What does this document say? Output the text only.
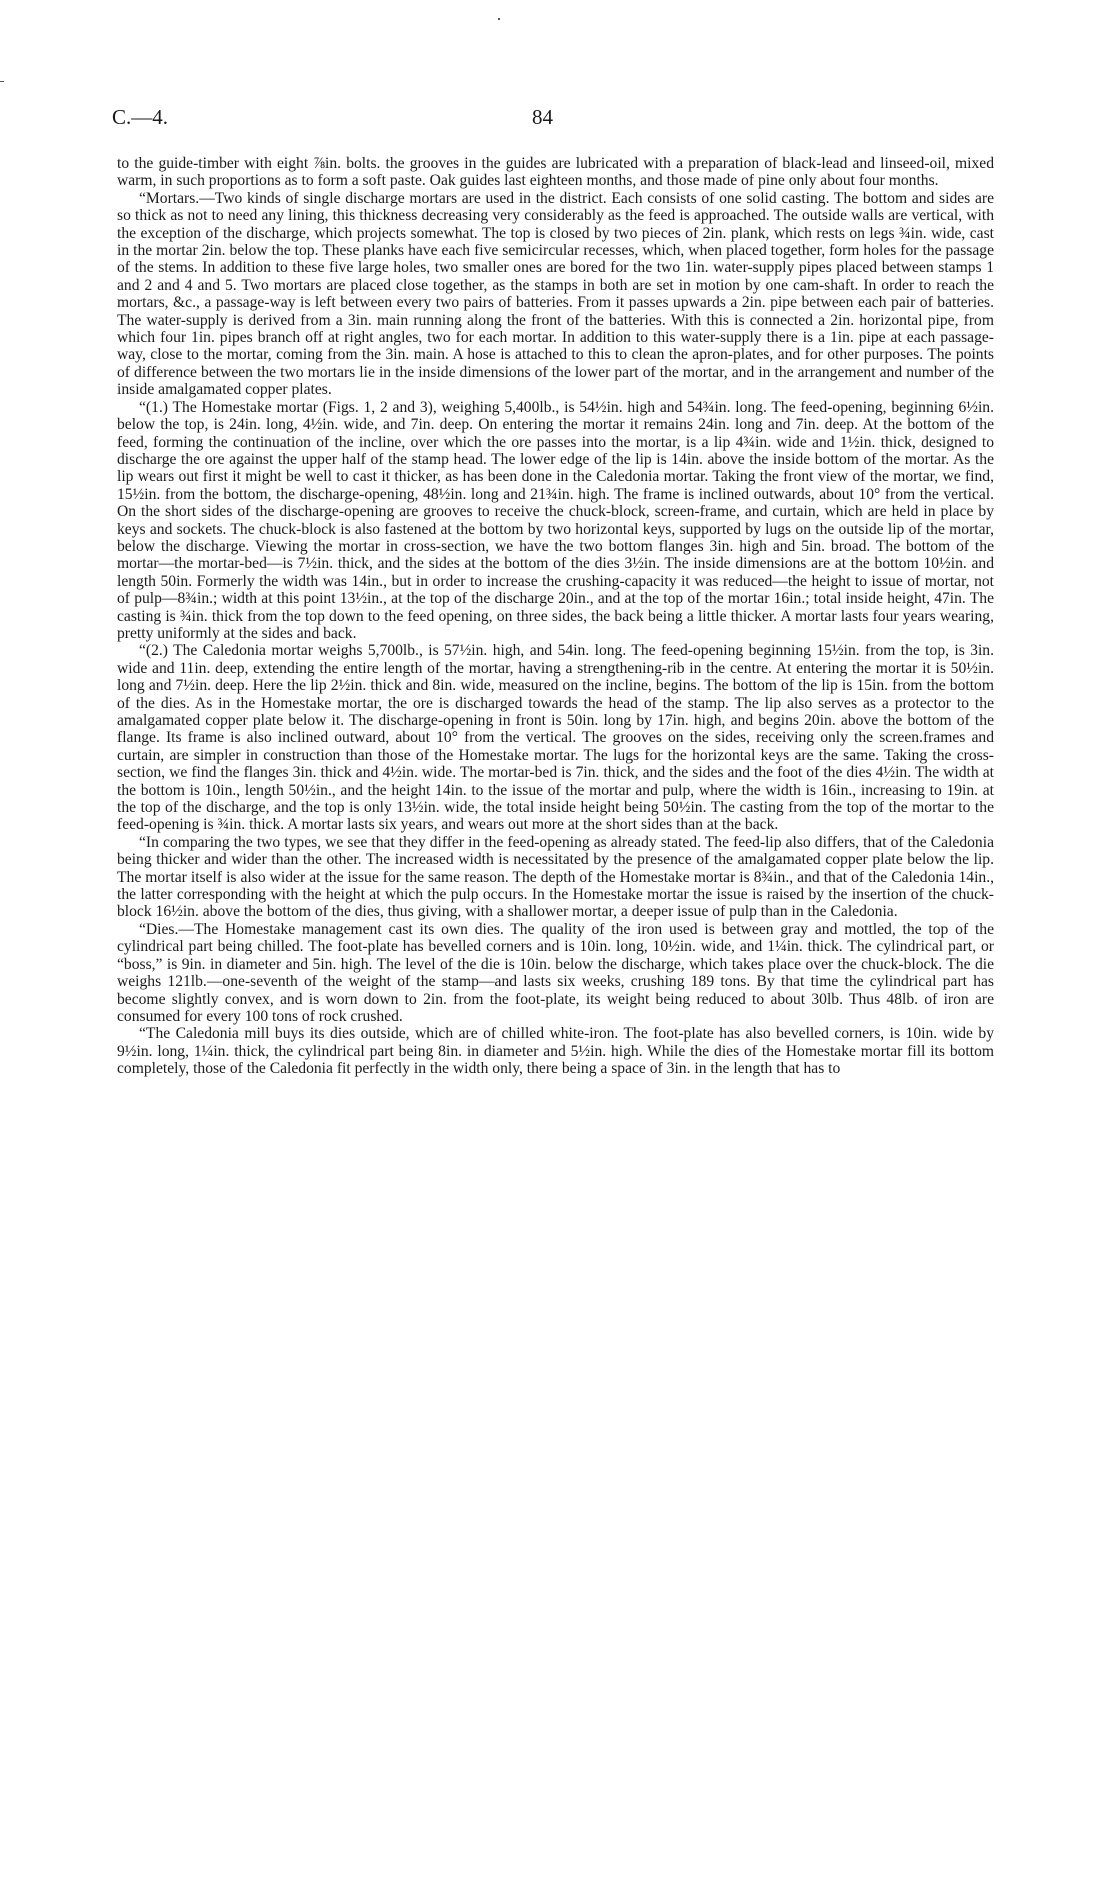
C.—4.	84

to the guide-timber with eight ⅞in. bolts. the grooves in the guides are lubricated with a preparation of black-lead and linseed-oil, mixed warm, in such proportions as to form a soft paste. Oak guides last eighteen months, and those made of pine only about four months.

“Mortars.—Two kinds of single discharge mortars are used in the district. Each consists of one solid casting. The bottom and sides are so thick as not to need any lining, this thickness decreasing very considerably as the feed is approached. The outside walls are vertical, with the exception of the discharge, which projects somewhat. The top is closed by two pieces of 2in. plank, which rests on legs ¾in. wide, cast in the mortar 2in. below the top. These planks have each five semicircular recesses, which, when placed together, form holes for the passage of the stems. In addition to these five large holes, two smaller ones are bored for the two 1in. water-supply pipes placed between stamps 1 and 2 and 4 and 5. Two mortars are placed close together, as the stamps in both are set in motion by one cam-shaft. In order to reach the mortars, &c., a passage-way is left between every two pairs of batteries. From it passes upwards a 2in. pipe between each pair of batteries. The water-supply is derived from a 3in. main running along the front of the batteries. With this is connected a 2in. horizontal pipe, from which four 1in. pipes branch off at right angles, two for each mortar. In addition to this water-supply there is a 1in. pipe at each passage-way, close to the mortar, coming from the 3in. main. A hose is attached to this to clean the apron-plates, and for other purposes. The points of difference between the two mortars lie in the inside dimensions of the lower part of the mortar, and in the arrangement and number of the inside amalgamated copper plates.

“(1.) The Homestake mortar (Figs. 1, 2 and 3), weighing 5,400lb., is 54½in. high and 54¾in. long. The feed-opening, beginning 6½in. below the top, is 24in. long, 4½in. wide, and 7in. deep. On entering the mortar it remains 24in. long and 7in. deep. At the bottom of the feed, forming the continuation of the incline, over which the ore passes into the mortar, is a lip 4¾in. wide and 1½in. thick, designed to discharge the ore against the upper half of the stamp head. The lower edge of the lip is 14in. above the inside bottom of the mortar. As the lip wears out first it might be well to cast it thicker, as has been done in the Caledonia mortar. Taking the front view of the mortar, we find, 15½in. from the bottom, the discharge-opening, 48½in. long and 21¾in. high. The frame is inclined outwards, about 10° from the vertical. On the short sides of the discharge-opening are grooves to receive the chuck-block, screen-frame, and curtain, which are held in place by keys and sockets. The chuck-block is also fastened at the bottom by two horizontal keys, supported by lugs on the outside lip of the mortar, below the discharge. Viewing the mortar in cross-section, we have the two bottom flanges 3in. high and 5in. broad. The bottom of the mortar—the mortar-bed—is 7½in. thick, and the sides at the bottom of the dies 3½in. The inside dimensions are at the bottom 10½in. and length 50in. Formerly the width was 14in., but in order to increase the crushing-capacity it was reduced—the height to issue of mortar, not of pulp—8¾in.; width at this point 13½in., at the top of the discharge 20in., and at the top of the mortar 16in.; total inside height, 47in. The casting is ¾in. thick from the top down to the feed opening, on three sides, the back being a little thicker. A mortar lasts four years wearing, pretty uniformly at the sides and back.

“(2.) The Caledonia mortar weighs 5,700lb., is 57½in. high, and 54in. long. The feed-opening beginning 15½in. from the top, is 3in. wide and 11in. deep, extending the entire length of the mortar, having a strengthening-rib in the centre. At entering the mortar it is 50½in. long and 7½in. deep. Here the lip 2½in. thick and 8in. wide, measured on the incline, begins. The bottom of the lip is 15in. from the bottom of the dies. As in the Homestake mortar, the ore is discharged towards the head of the stamp. The lip also serves as a protector to the amalgamated copper plate below it. The discharge-opening in front is 50in. long by 17in. high, and begins 20in. above the bottom of the flange. Its frame is also inclined outward, about 10° from the vertical. The grooves on the sides, receiving only the screen.frames and curtain, are simpler in construction than those of the Homestake mortar. The lugs for the horizontal keys are the same. Taking the cross-section, we find the flanges 3in. thick and 4½in. wide. The mortar-bed is 7in. thick, and the sides and the foot of the dies 4½in. The width at the bottom is 10in., length 50½in., and the height 14in. to the issue of the mortar and pulp, where the width is 16in., increasing to 19in. at the top of the discharge, and the top is only 13½in. wide, the total inside height being 50½in. The casting from the top of the mortar to the feed-opening is ¾in. thick. A mortar lasts six years, and wears out more at the short sides than at the back.

“In comparing the two types, we see that they differ in the feed-opening as already stated. The feed-lip also differs, that of the Caledonia being thicker and wider than the other. The increased width is necessitated by the presence of the amalgamated copper plate below the lip. The mortar itself is also wider at the issue for the same reason. The depth of the Homestake mortar is 8¾in., and that of the Caledonia 14in., the latter corresponding with the height at which the pulp occurs. In the Homestake mortar the issue is raised by the insertion of the chuck-block 16½in. above the bottom of the dies, thus giving, with a shallower mortar, a deeper issue of pulp than in the Caledonia.

“Dies.—The Homestake management cast its own dies. The quality of the iron used is between gray and mottled, the top of the cylindrical part being chilled. The foot-plate has bevelled corners and is 10in. long, 10½in. wide, and 1¼in. thick. The cylindrical part, or “boss,” is 9in. in diameter and 5in. high. The level of the die is 10in. below the discharge, which takes place over the chuck-block. The die weighs 121lb.—one-seventh of the weight of the stamp—and lasts six weeks, crushing 189 tons. By that time the cylindrical part has become slightly convex, and is worn down to 2in. from the foot-plate, its weight being reduced to about 30lb. Thus 48lb. of iron are consumed for every 100 tons of rock crushed.

“The Caledonia mill buys its dies outside, which are of chilled white-iron. The foot-plate has also bevelled corners, is 10in. wide by 9½in. long, 1¼in. thick, the cylindrical part being 8in. in diameter and 5½in. high. While the dies of the Homestake mortar fill its bottom completely, those of the Caledonia fit perfectly in the width only, there being a space of 3in. in the length that has to
